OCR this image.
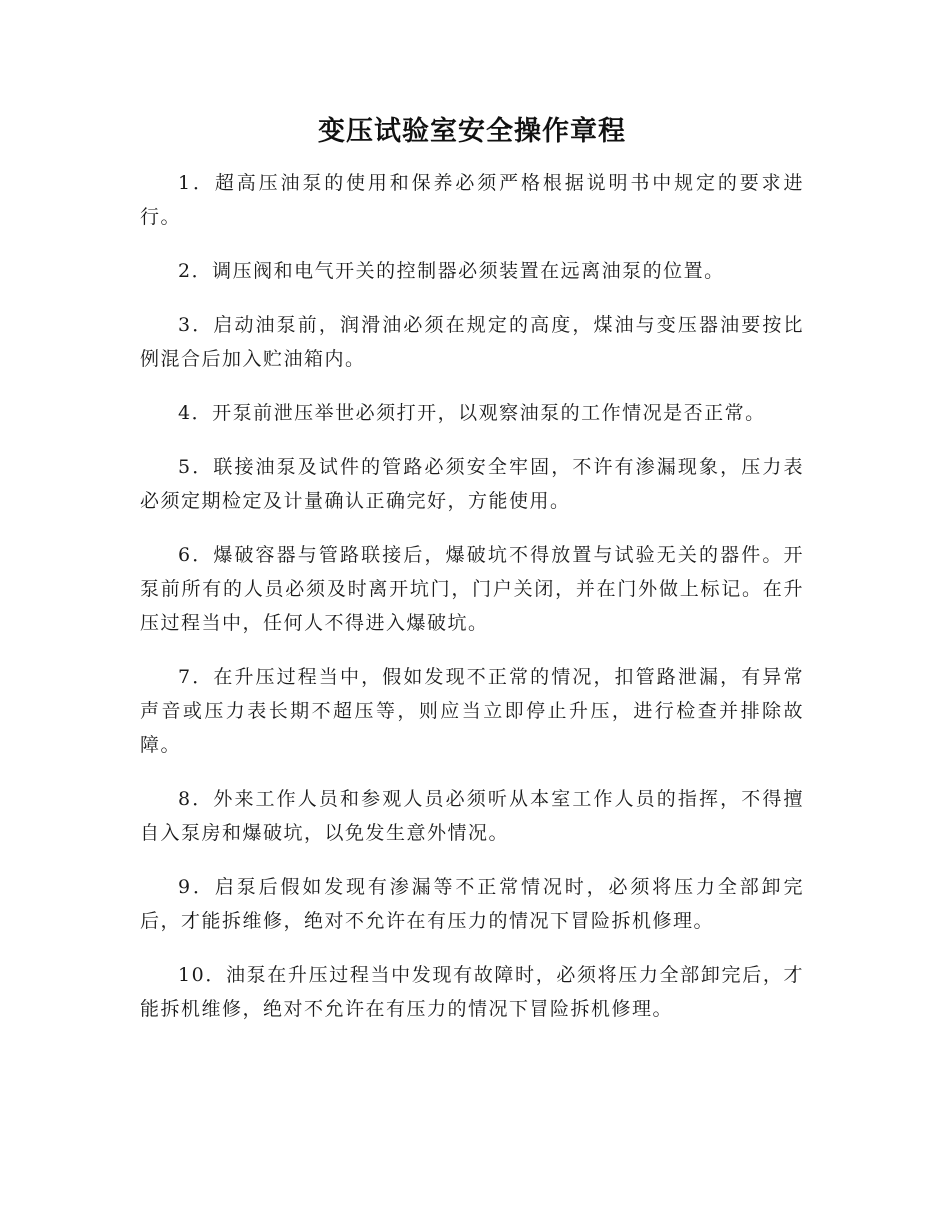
变压试验室安全操作章程

1．超高压油泵的使用和保养必须严格根据说明书中规定的要求进行。

2．调压阀和电气开关的控制器必须装置在远离油泵的位置。

3．启动油泵前，润滑油必须在规定的高度，煤油与变压器油要按比例混合后加入贮油箱内。

4．开泵前泄压举世必须打开，以观察油泵的工作情况是否正常。

5．联接油泵及试件的管路必须安全牢固，不许有渗漏现象，压力表必须定期检定及计量确认正确完好，方能使用。

6．爆破容器与管路联接后，爆破坑不得放置与试验无关的器件。开泵前所有的人员必须及时离开坑门，门户关闭，并在门外做上标记。在升压过程当中，任何人不得进入爆破坑。

7．在升压过程当中，假如发现不正常的情况，扣管路泄漏，有异常声音或压力表长期不超压等，则应当立即停止升压，进行检查并排除故障。

8．外来工作人员和参观人员必须听从本室工作人员的指挥，不得擅自入泵房和爆破坑，以免发生意外情况。

9．启泵后假如发现有渗漏等不正常情况时，必须将压力全部卸完后，才能拆维修，绝对不允许在有压力的情况下冒险拆机修理。

10．油泵在升压过程当中发现有故障时，必须将压力全部卸完后，才能拆机维修，绝对不允许在有压力的情况下冒险拆机修理。
